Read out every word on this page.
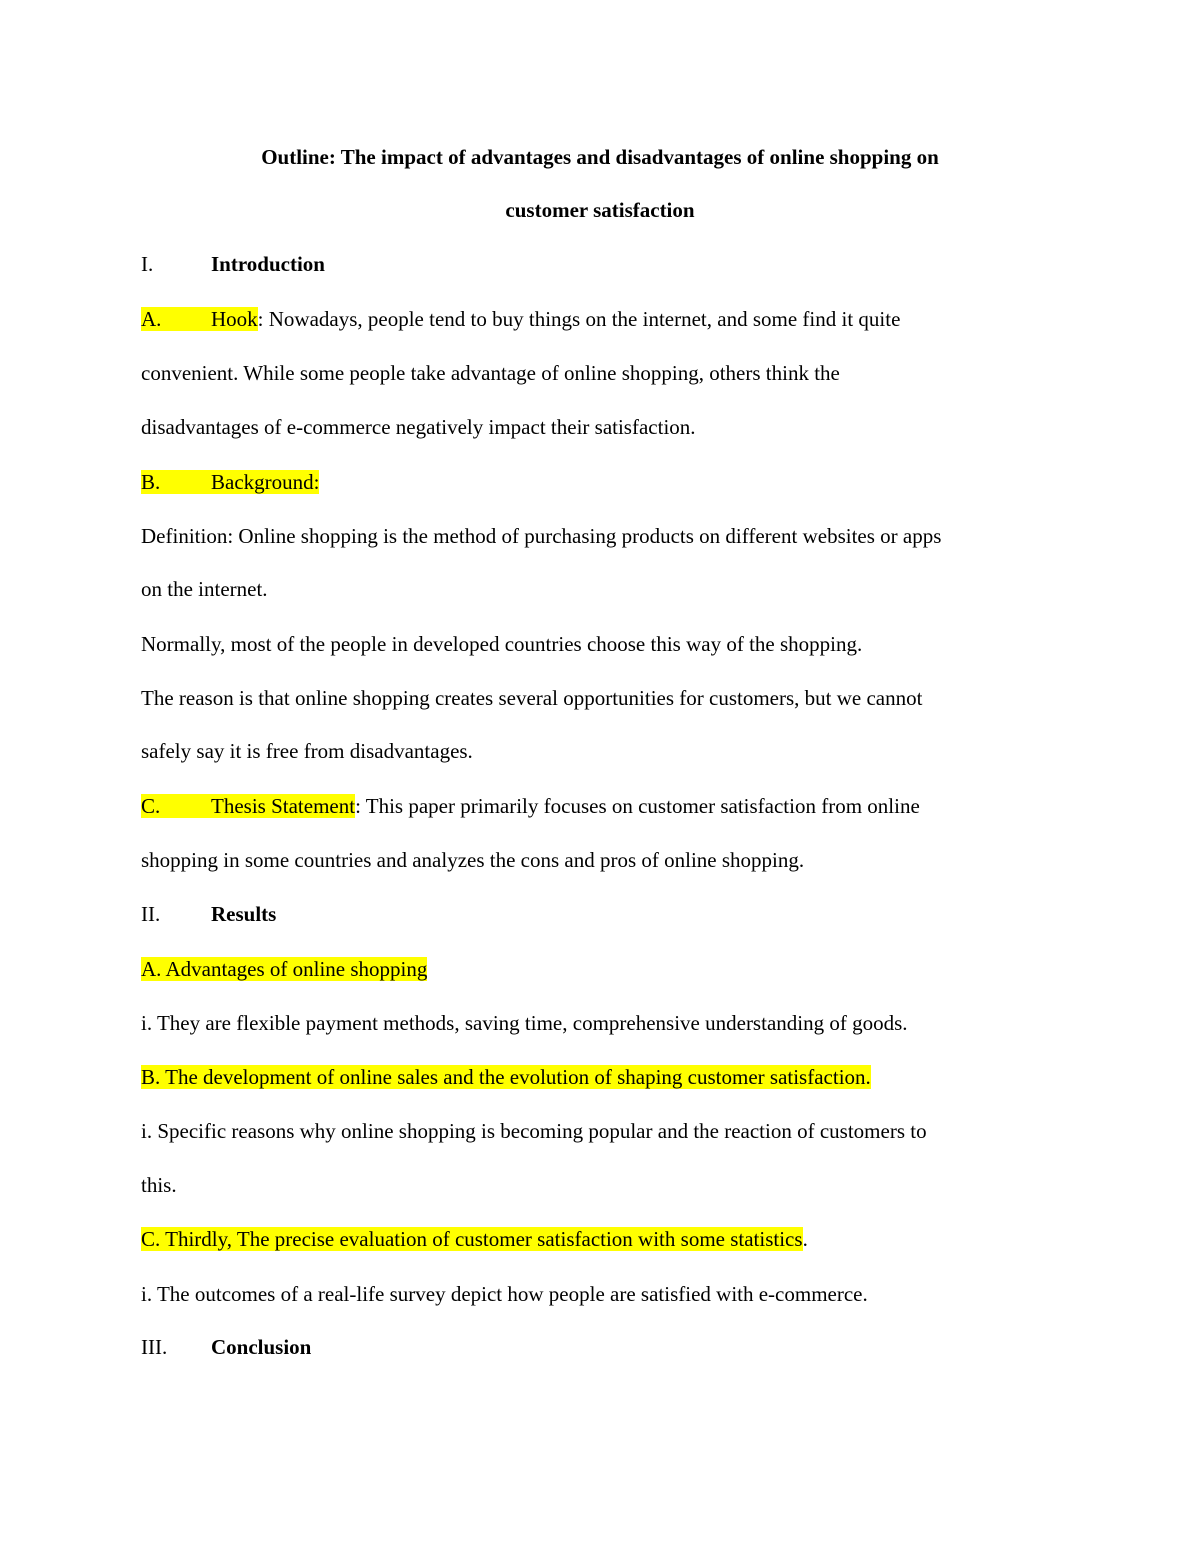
Outline: The impact of advantages and disadvantages of online shopping on
customer satisfaction
I.	Introduction
A. Hook: Nowadays, people tend to buy things on the internet, and some find it quite
convenient. While some people take advantage of online shopping, others think the
disadvantages of e-commerce negatively impact their satisfaction.
B. Background:
Definition: Online shopping is the method of purchasing products on different websites or apps
on the internet.
Normally, most of the people in developed countries choose this way of the shopping.
The reason is that online shopping creates several opportunities for customers, but we cannot
safely say it is free from disadvantages.
C. Thesis Statement: This paper primarily focuses on customer satisfaction from online
shopping in some countries and analyzes the cons and pros of online shopping.
II. Results
A. Advantages of online shopping
i. They are flexible payment methods, saving time, comprehensive understanding of goods.
B. The development of online sales and the evolution of shaping customer satisfaction.
i. Specific reasons why online shopping is becoming popular and the reaction of customers to
this.
C. Thirdly, The precise evaluation of customer satisfaction with some statistics.
i. The outcomes of a real-life survey depict how people are satisfied with e-commerce.
III. Conclusion
